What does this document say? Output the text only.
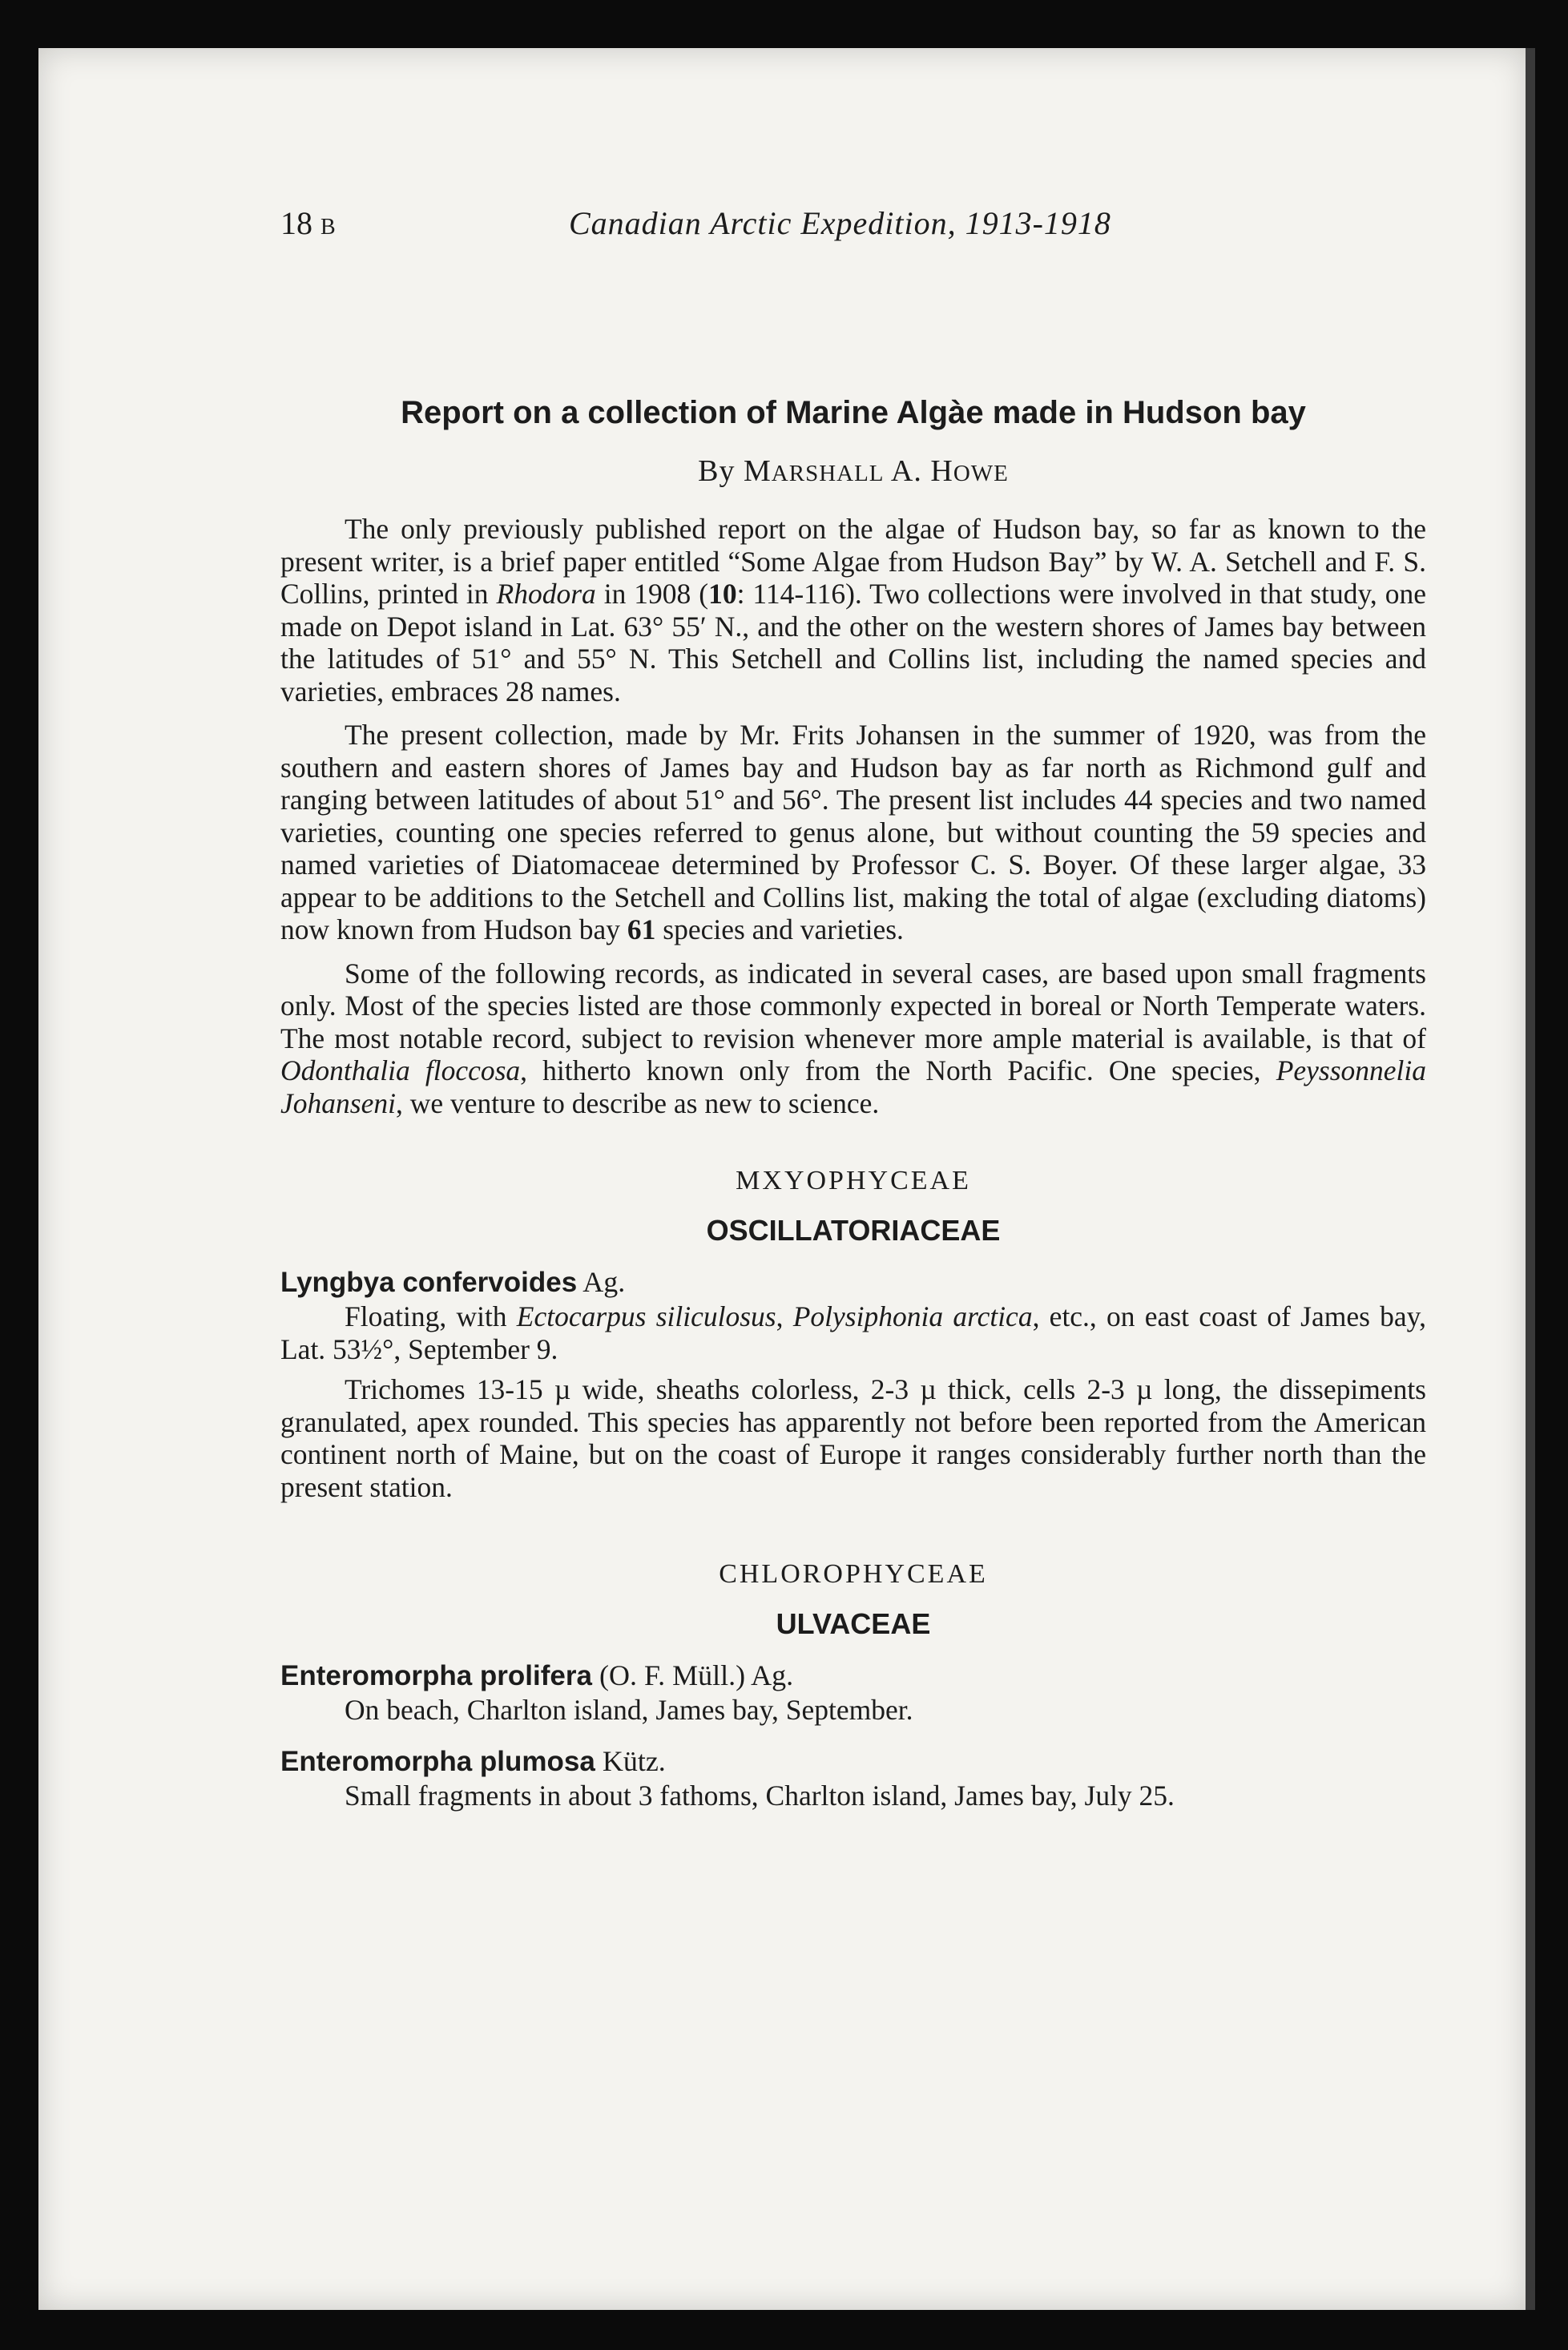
18 B	Canadian Arctic Expedition, 1913-1918
Report on a collection of Marine Algàe made in Hudson bay
By MARSHALL A. HOWE

The only previously published report on the algae of Hudson bay, so far as known to the present writer, is a brief paper entitled “Some Algae from Hudson Bay” by W. A. Setchell and F. S. Collins, printed in Rhodora in 1908 (10: 114-116). Two collections were involved in that study, one made on Depot island in Lat. 63° 55′ N., and the other on the western shores of James bay between the latitudes of 51° and 55° N. This Setchell and Collins list, including the named species and varieties, embraces 28 names.

The present collection, made by Mr. Frits Johansen in the summer of 1920, was from the southern and eastern shores of James bay and Hudson bay as far north as Richmond gulf and ranging between latitudes of about 51° and 56°. The present list includes 44 species and two named varieties, counting one species referred to genus alone, but without counting the 59 species and named varieties of Diatomaceae determined by Professor C. S. Boyer. Of these larger algae, 33 appear to be additions to the Setchell and Collins list, making the total of algae (excluding diatoms) now known from Hudson bay 61 species and varieties.

Some of the following records, as indicated in several cases, are based upon small fragments only. Most of the species listed are those commonly expected in boreal or North Temperate waters. The most notable record, subject to revision whenever more ample material is available, is that of Odonthalia floccosa, hitherto known only from the North Pacific. One species, Peyssonnelia Johanseni, we venture to describe as new to science.

MXYOPHYCEAE
OSCILLATORIACEAE
Lyngbya confervoides Ag.

Floating, with Ectocarpus siliculosus, Polysiphonia arctica, etc., on east coast of James bay, Lat. 53½°, September 9.

Trichomes 13-15 µ wide, sheaths colorless, 2-3 µ thick, cells 2-3 µ long, the dissepiments granulated, apex rounded. This species has apparently not before been reported from the American continent north of Maine, but on the coast of Europe it ranges considerably further north than the present station.

CHLOROPHYCEAE
ULVACEAE
Enteromorpha prolifera (O. F. Müll.) Ag.

On beach, Charlton island, James bay, September.

Enteromorpha plumosa Kütz.

Small fragments in about 3 fathoms, Charlton island, James bay, July 25.
